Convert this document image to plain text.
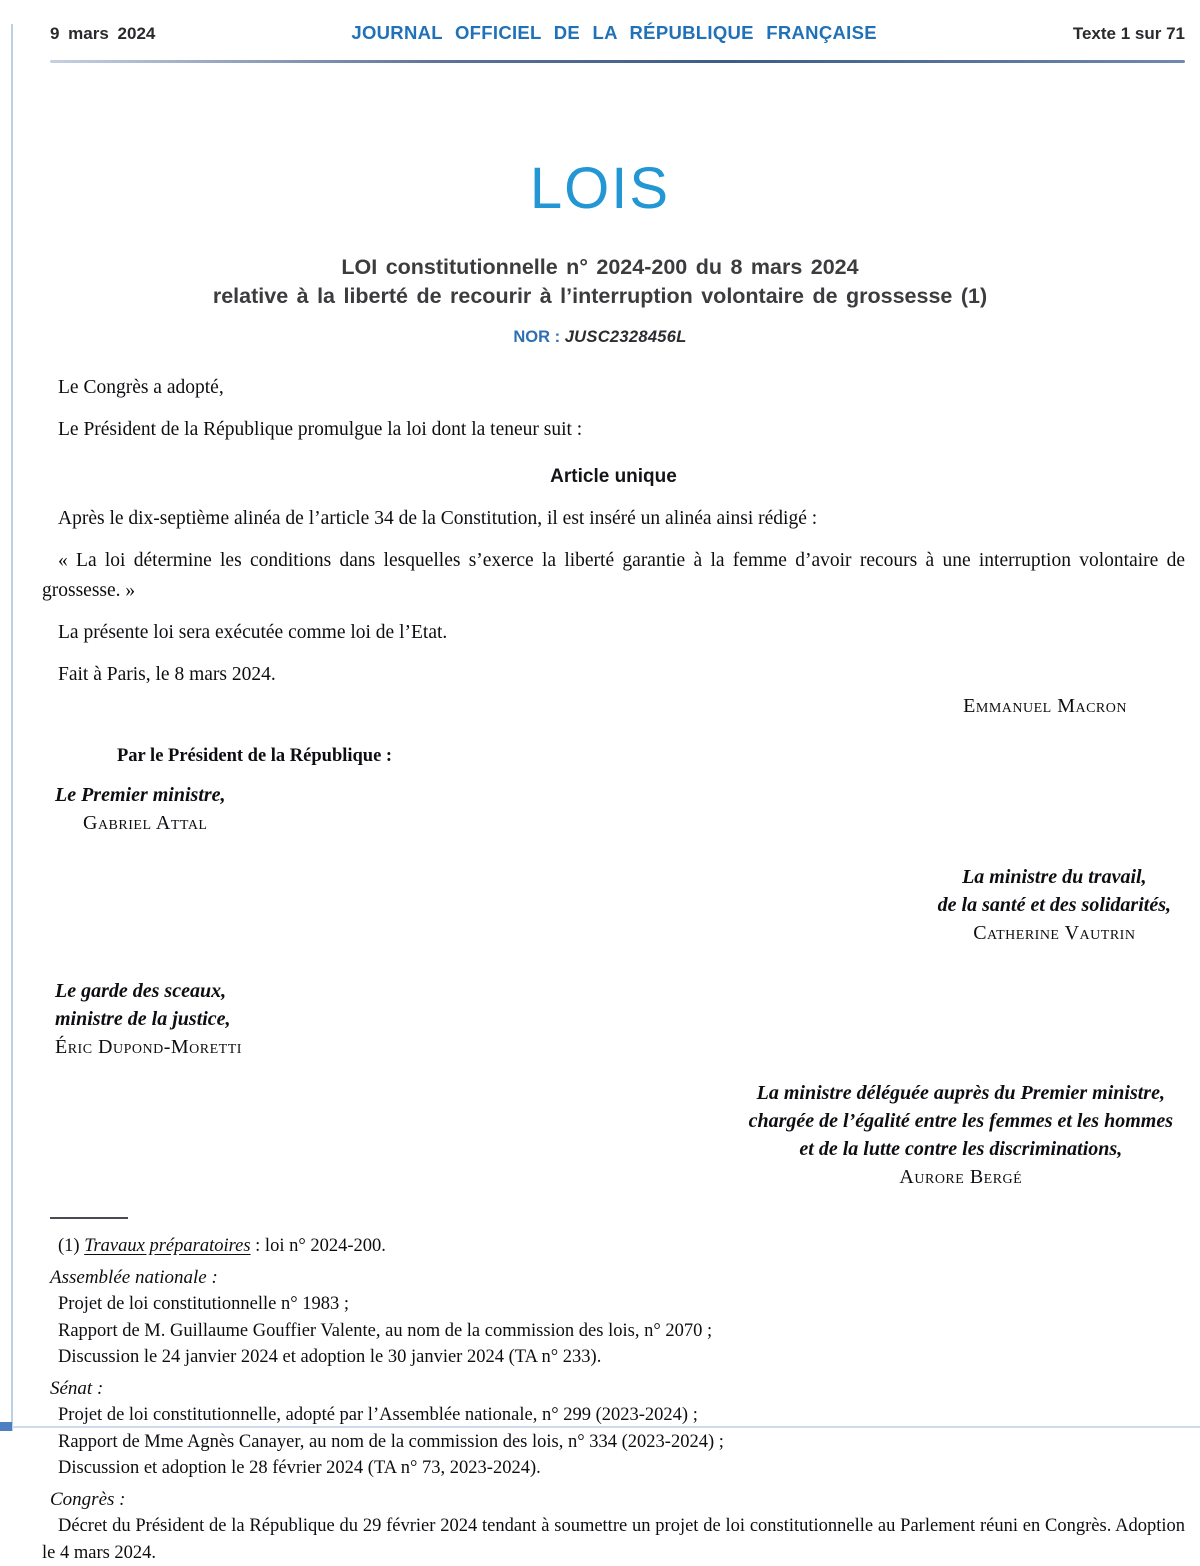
9 mars 2024	JOURNAL OFFICIEL DE LA RÉPUBLIQUE FRANÇAISE	Texte 1 sur 71
LOIS
LOI constitutionnelle n° 2024-200 du 8 mars 2024
relative à la liberté de recourir à l’interruption volontaire de grossesse (1)
NOR : JUSC2328456L

Le Congrès a adopté,

Le Président de la République promulgue la loi dont la teneur suit :

Article unique

Après le dix-septième alinéa de l’article 34 de la Constitution, il est inséré un alinéa ainsi rédigé :

« La loi détermine les conditions dans lesquelles s’exerce la liberté garantie à la femme d’avoir recours à une interruption volontaire de grossesse. »

La présente loi sera exécutée comme loi de l’Etat.

Fait à Paris, le 8 mars 2024.

Emmanuel Macron
Par le Président de la République :
Le Premier ministre,
Gabriel Attal
La ministre du travail,
de la santé et des solidarités,
Catherine Vautrin
Le garde des sceaux,
ministre de la justice,
Éric Dupond-Moretti
La ministre déléguée auprès du Premier ministre,
chargée de l’égalité entre les femmes et les hommes
et de la lutte contre les discriminations,
Aurore Bergé

(1) Travaux préparatoires : loi n° 2024-200.

Assemblée nationale :

Projet de loi constitutionnelle n° 1983 ;

Rapport de M. Guillaume Gouffier Valente, au nom de la commission des lois, n° 2070 ;

Discussion le 24 janvier 2024 et adoption le 30 janvier 2024 (TA n° 233).

Sénat :

Projet de loi constitutionnelle, adopté par l’Assemblée nationale, n° 299 (2023-2024) ;

Rapport de Mme Agnès Canayer, au nom de la commission des lois, n° 334 (2023-2024) ;

Discussion et adoption le 28 février 2024 (TA n° 73, 2023-2024).

Congrès :

Décret du Président de la République du 29 février 2024 tendant à soumettre un projet de loi constitutionnelle au Parlement réuni en Congrès. Adoption le 4 mars 2024.
